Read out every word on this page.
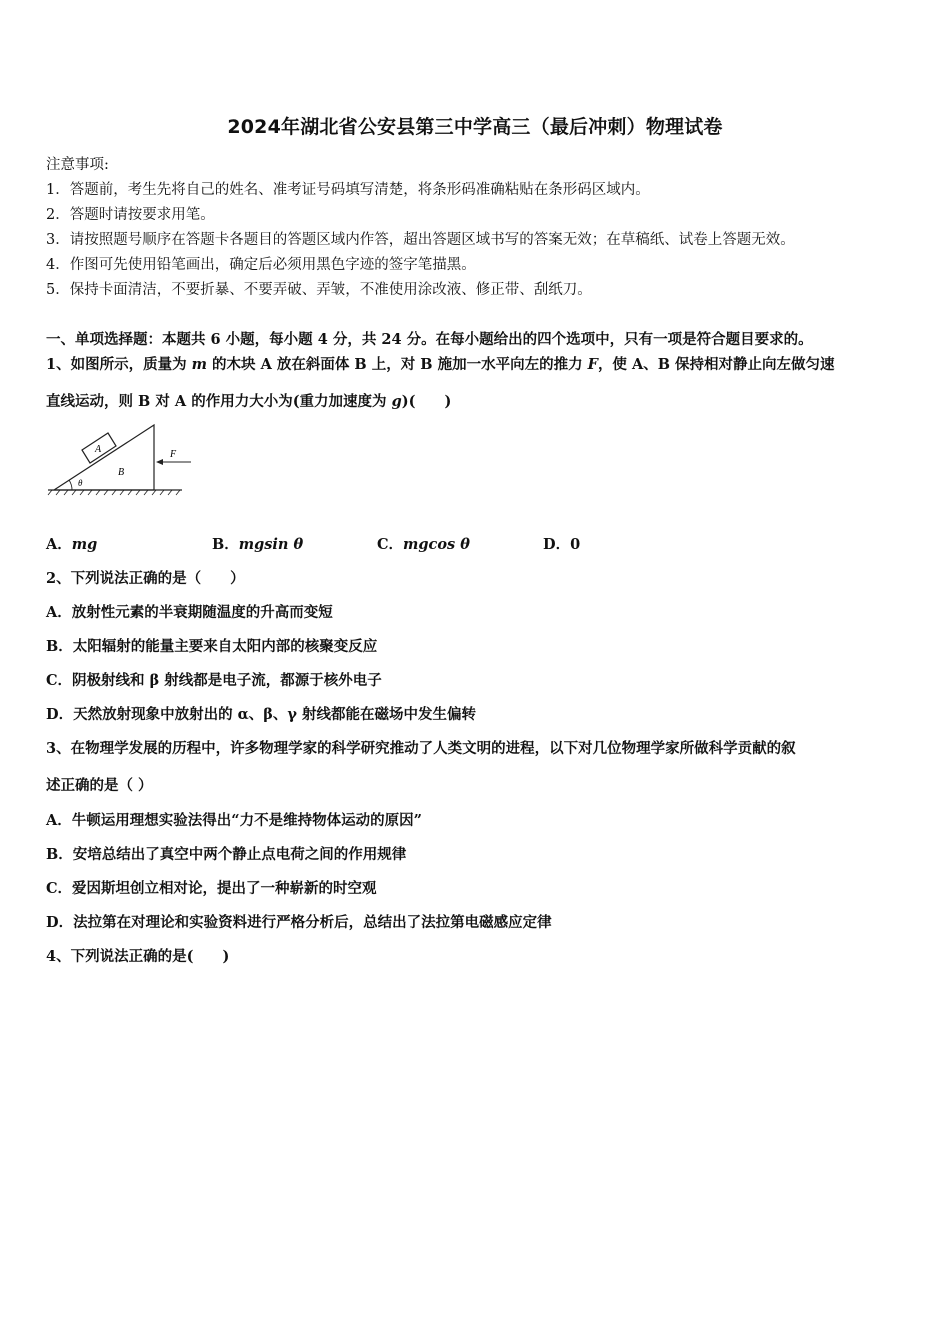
2024年湖北省公安县第三中学高三（最后冲刺）物理试卷
注意事项:
1．答题前，考生先将自己的姓名、准考证号码填写清楚，将条形码准确粘贴在条形码区域内。
2．答题时请按要求用笔。
3．请按照题号顺序在答题卡各题目的答题区域内作答，超出答题区域书写的答案无效；在草稿纸、试卷上答题无效。
4．作图可先使用铅笔画出，确定后必须用黑色字迹的签字笔描黑。
5．保持卡面清洁，不要折暴、不要弄破、弄皱，不准使用涂改液、修正带、刮纸刀。
一、单项选择题：本题共 6 小题，每小题 4 分，共 24 分。在每小题给出的四个选项中，只有一项是符合题目要求的。
1、如图所示，质量为 m 的木块 A 放在斜面体 B 上，对 B 施加一水平向左的推力 F，使 A、B 保持相对静止向左做匀速
直线运动，则 B 对 A 的作用力大小为(重力加速度为 g)(　　)
A
B
F
θ
A．mg	B．mgsin θ	C．mgcos θ	D．0
2、下列说法正确的是（　　）
A．放射性元素的半衰期随温度的升高而变短
B．太阳辐射的能量主要来自太阳内部的核聚变反应
C．阴极射线和 β 射线都是电子流，都源于核外电子
D．天然放射现象中放射出的 α、β、γ 射线都能在磁场中发生偏转
3、在物理学发展的历程中，许多物理学家的科学研究推动了人类文明的进程，以下对几位物理学家所做科学贡献的叙
述正确的是（ ）
A．牛顿运用理想实验法得出“力不是维持物体运动的原因”
B．安培总结出了真空中两个静止点电荷之间的作用规律
C．爱因斯坦创立相对论，提出了一种崭新的时空观
D．法拉第在对理论和实验资料进行严格分析后，总结出了法拉第电磁感应定律
4、下列说法正确的是(　　)
